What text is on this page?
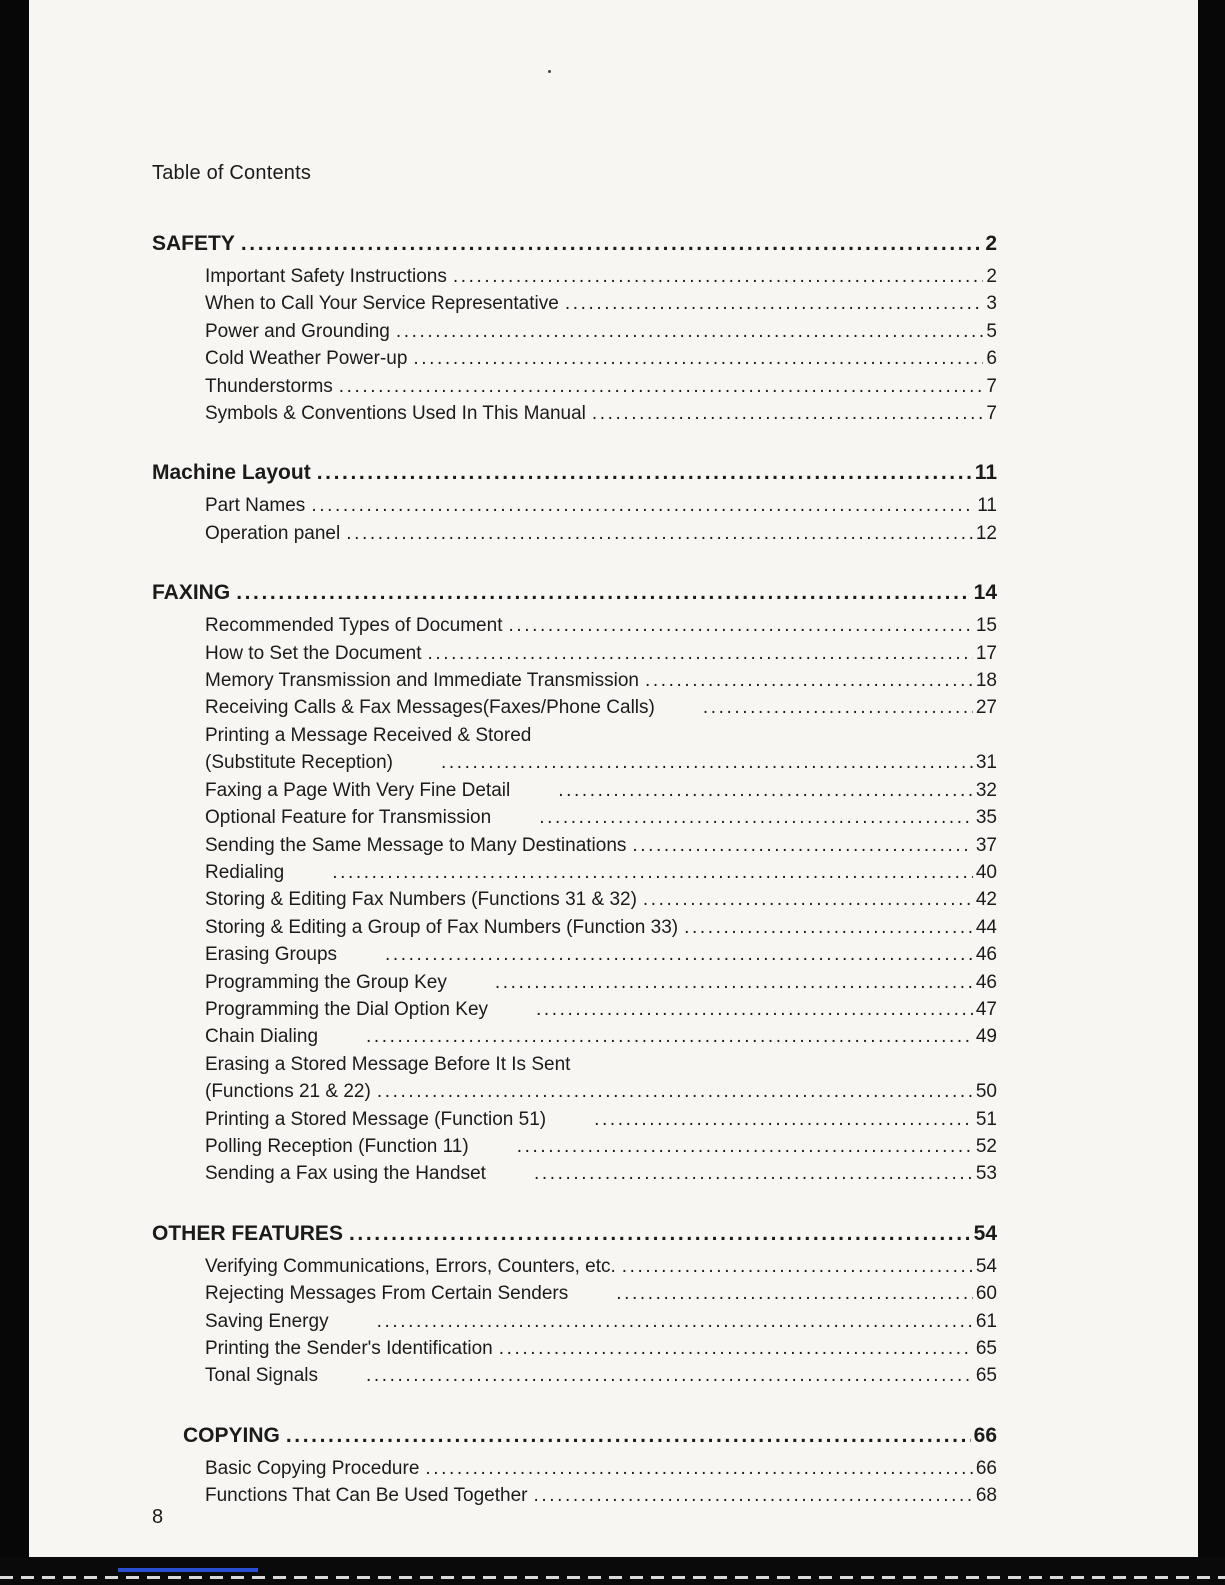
Table of Contents
SAFETY .....	2
Important Safety Instructions .....	2
When to Call Your Service Representative .....	3
Power and Grounding .....	5
Cold Weather Power-up .....	6
Thunderstorms .....	7
Symbols & Conventions Used In This Manual .....	7
Machine Layout .....	11
Part Names .....	11
Operation panel .....	12
FAXING .....	14
Recommended Types of Document .....	15
How to Set the Document .....	17
Memory Transmission and Immediate Transmission .....	18
Receiving Calls & Fax Messages(Faxes/Phone Calls) .....	27
Printing a Message Received & Stored
(Substitute Reception) .....	31
Faxing a Page With Very Fine Detail .....	32
Optional Feature for Transmission .....	35
Sending the Same Message to Many Destinations .....	37
Redialing .....	40
Storing & Editing Fax Numbers (Functions 31 & 32) .....	42
Storing & Editing a Group of Fax Numbers (Function 33) .....	44
Erasing Groups .....	46
Programming the Group Key .....	46
Programming the Dial Option Key .....	47
Chain Dialing .....	49
Erasing a Stored Message Before It Is Sent
(Functions 21 & 22) .....	50
Printing a Stored Message (Function 51) .....	51
Polling Reception (Function 11) .....	52
Sending a Fax using the Handset .....	53
OTHER FEATURES .....	54
Verifying Communications, Errors, Counters, etc. .....	54
Rejecting Messages From Certain Senders .....	60
Saving Energy .....	61
Printing the Sender's Identification .....	65
Tonal Signals .....	65
COPYING .....	66
Basic Copying Procedure .....	66
Functions That Can Be Used Together .....	68
8
